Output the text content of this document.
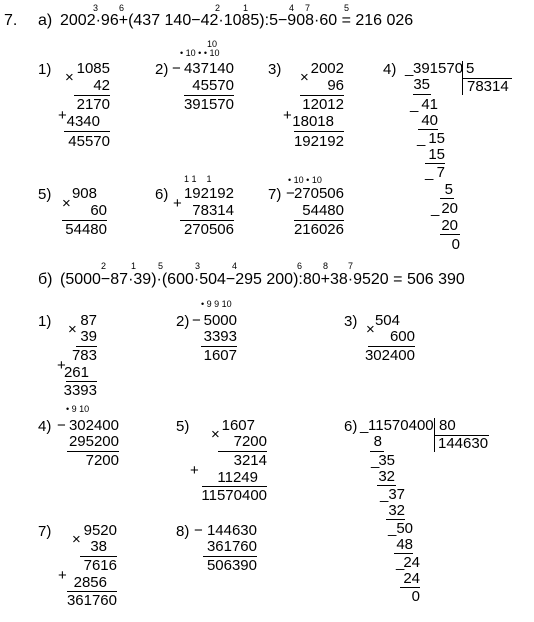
7. а) 2002·96+(437 140−42·1085):5−908·60 = 216 026
3 6	2	1	4 7	5
1) ×
1085
42
2170
+ 4340
45570
2)
10
• 10 • • 10
− 437140
45570
391570
3) ×
2002
96
12012
+ 18018
192192
4) _ 391570 5
78314
35
_ 41
40
_ 15
15
_ 7
5
_ 20
20
0
5)
×
908
60
54480
6)
1 1    1
+
192192
78314
270506
7)
• 10 • 10
− 270506
54480
216026
б) (5000−87·39)·(600·504−295 200):80+38·9520 = 506 390
2	1 5	3	4	6 8 7
1) ×
87
39
783
+
261
3393
2)
• 9 9 10
− 5000
3393
1607
3) ×
504
600
302400
4)
• 9 10
− 302400
295200
7200
5) ×
1607
7200
3214
+	11249
11570400
6) _ 11570400 80
144630
8
_
35
32
_ 37
32
_ 50
48
_
24
24
0
7) ×
9520
38
7616
+ 2856
361760
8) − 144630
361760
506390
